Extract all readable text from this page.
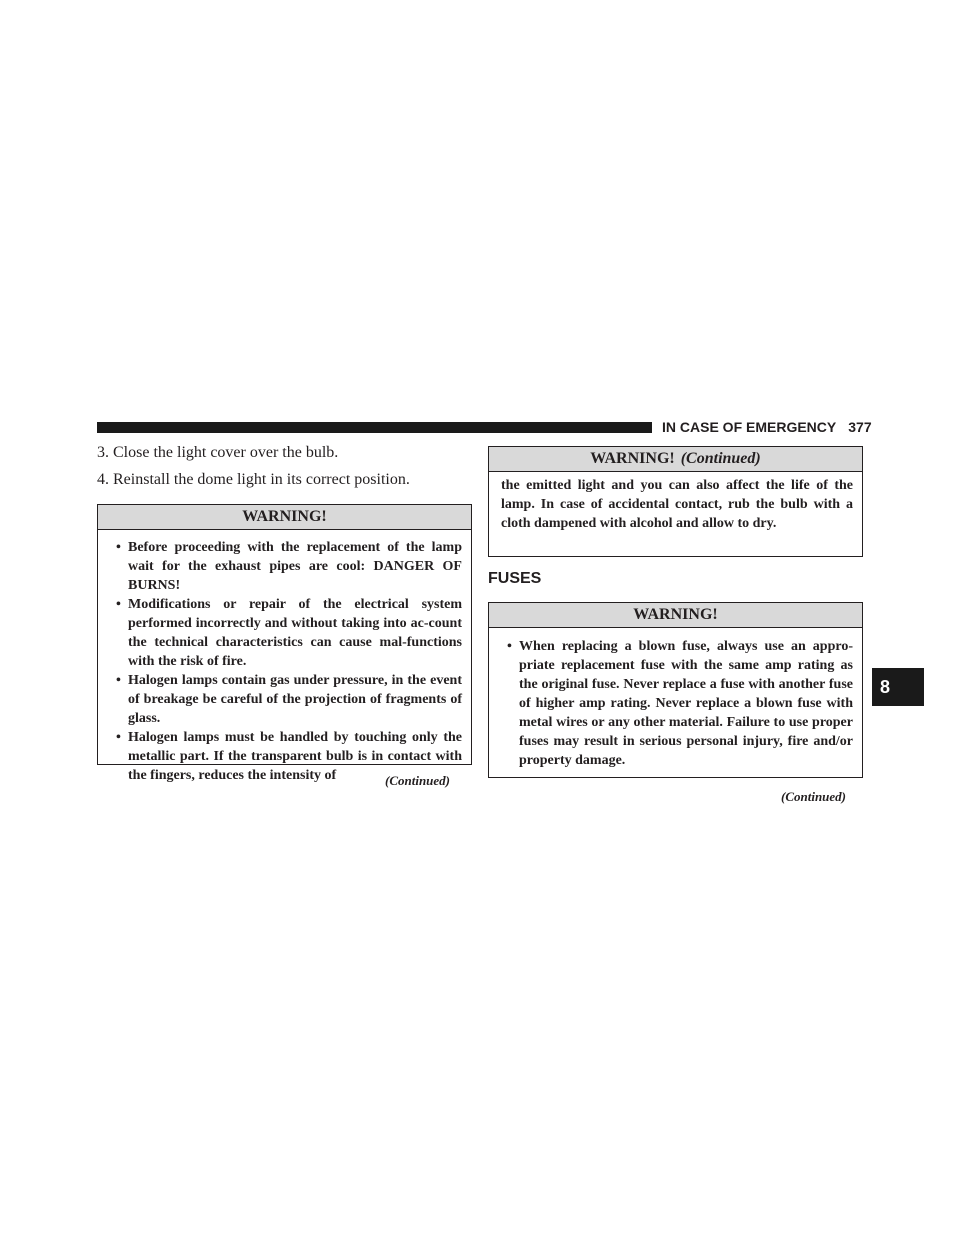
IN CASE OF EMERGENCY 377
8
3. Close the light cover over the bulb.
4. Reinstall the dome light in its correct position.
WARNING!
• Before proceeding with the replacement of the lamp wait for the exhaust pipes are cool: DANGER OF BURNS!
• Modifications or repair of the electrical system performed incorrectly and without taking into ac-count the technical characteristics can cause mal-functions with the risk of fire.
• Halogen lamps contain gas under pressure, in the event of breakage be careful of the projection of fragments of glass.
• Halogen lamps must be handled by touching only the metallic part. If the transparent bulb is in contact with the fingers, reduces the intensity of	(Continued)
WARNING! (Continued)
the emitted light and you can also affect the life of the lamp. In case of accidental contact, rub the bulb with a cloth dampened with alcohol and allow to dry.
FUSES
WARNING!
• When replacing a blown fuse, always use an appro-priate replacement fuse with the same amp rating as the original fuse. Never replace a fuse with another fuse of higher amp rating. Never replace a blown fuse with metal wires or any other material. Failure to use proper fuses may result in serious personal injury, fire and/or property damage.
(Continued)
